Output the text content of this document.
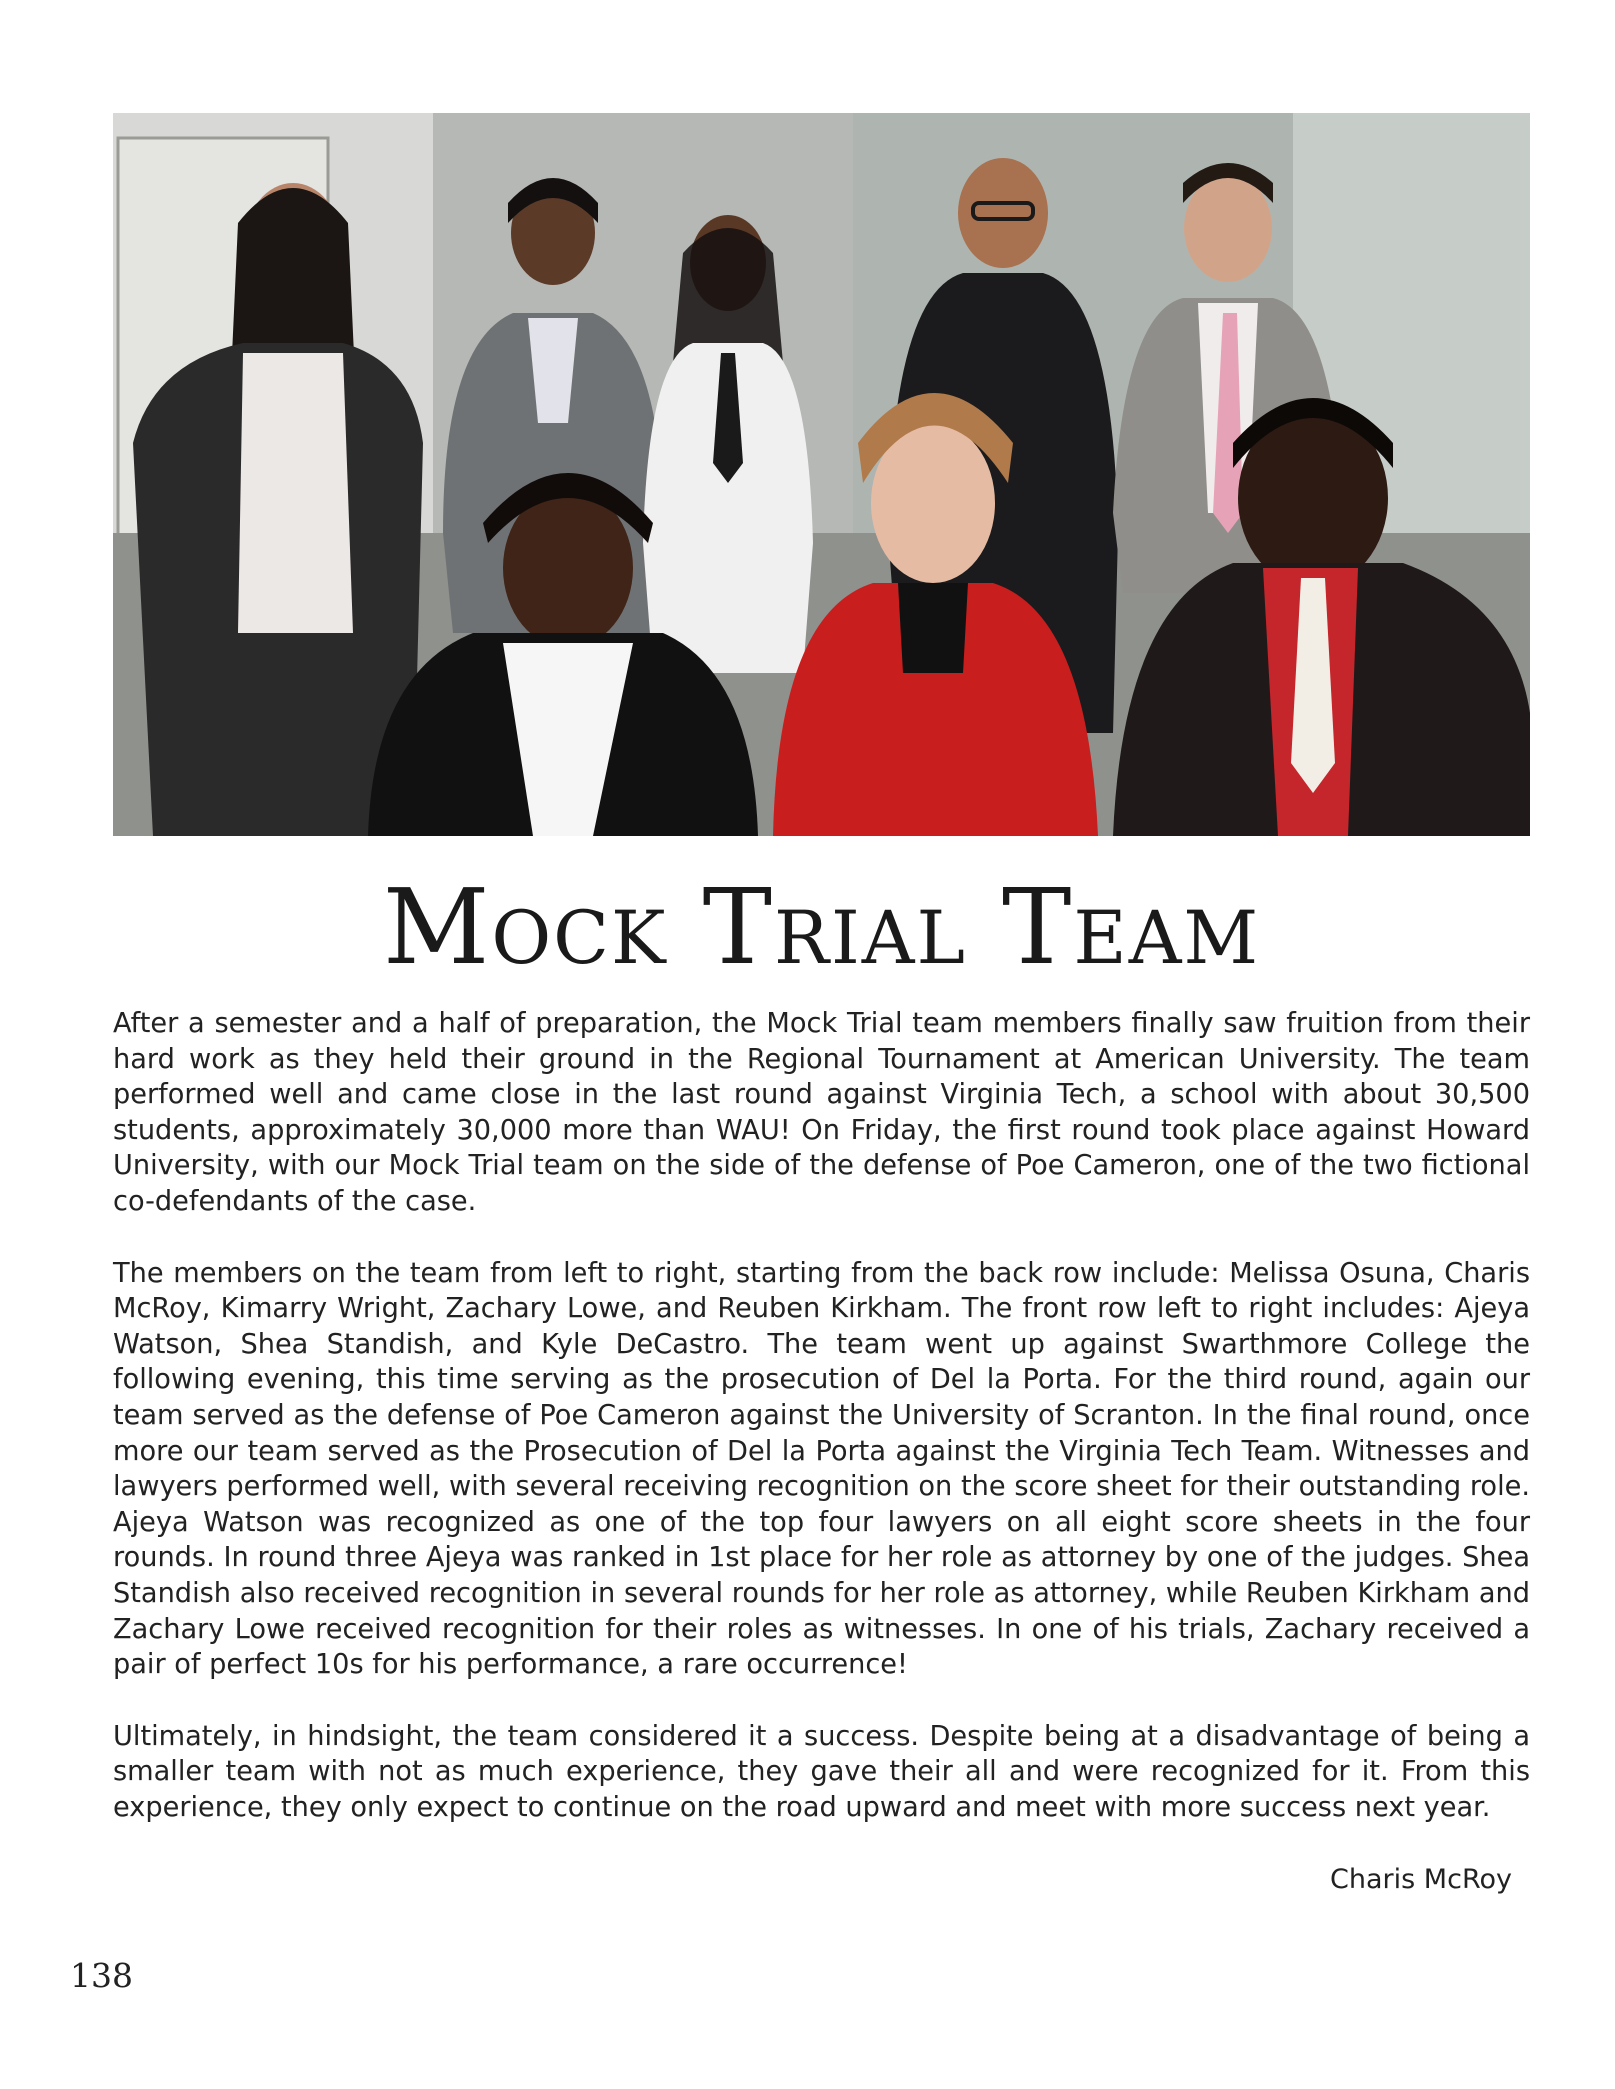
Mock Trial Team

After a semester and a half of preparation, the Mock Trial team members finally saw fruition from their hard work as they held their ground in the Regional Tournament at American University. The team performed well and came close in the last round against Virginia Tech, a school with about 30,500 students, approximately 30,000 more than WAU! On Friday, the first round took place against Howard University, with our Mock Trial team on the side of the defense of Poe Cameron, one of the two fictional co-defendants of the case.

The members on the team from left to right, starting from the back row include: Melissa Osuna, Charis McRoy, Kimarry Wright, Zachary Lowe, and Reuben Kirkham. The front row left to right includes: Ajeya Watson, Shea Standish, and Kyle DeCastro. The team went up against Swarthmore College the following evening, this time serving as the prosecution of Del la Porta. For the third round, again our team served as the defense of Poe Cameron against the University of Scranton. In the final round, once more our team served as the Prosecution of Del la Porta against the Virginia Tech Team. Witnesses and lawyers performed well, with several receiving recognition on the score sheet for their outstanding role. Ajeya Watson was recognized as one of the top four lawyers on all eight score sheets in the four rounds. In round three Ajeya was ranked in 1st place for her role as attorney by one of the judges. Shea Standish also received recognition in several rounds for her role as attorney, while Reuben Kirkham and Zachary Lowe received recognition for their roles as witnesses. In one of his trials, Zachary received a pair of perfect 10s for his performance, a rare occurrence!

Ultimately, in hindsight, the team considered it a success. Despite being at a disadvantage of being a smaller team with not as much experience, they gave their all and were recognized for it. From this experience, they only expect to continue on the road upward and meet with more success next year.

Charis McRoy
138
